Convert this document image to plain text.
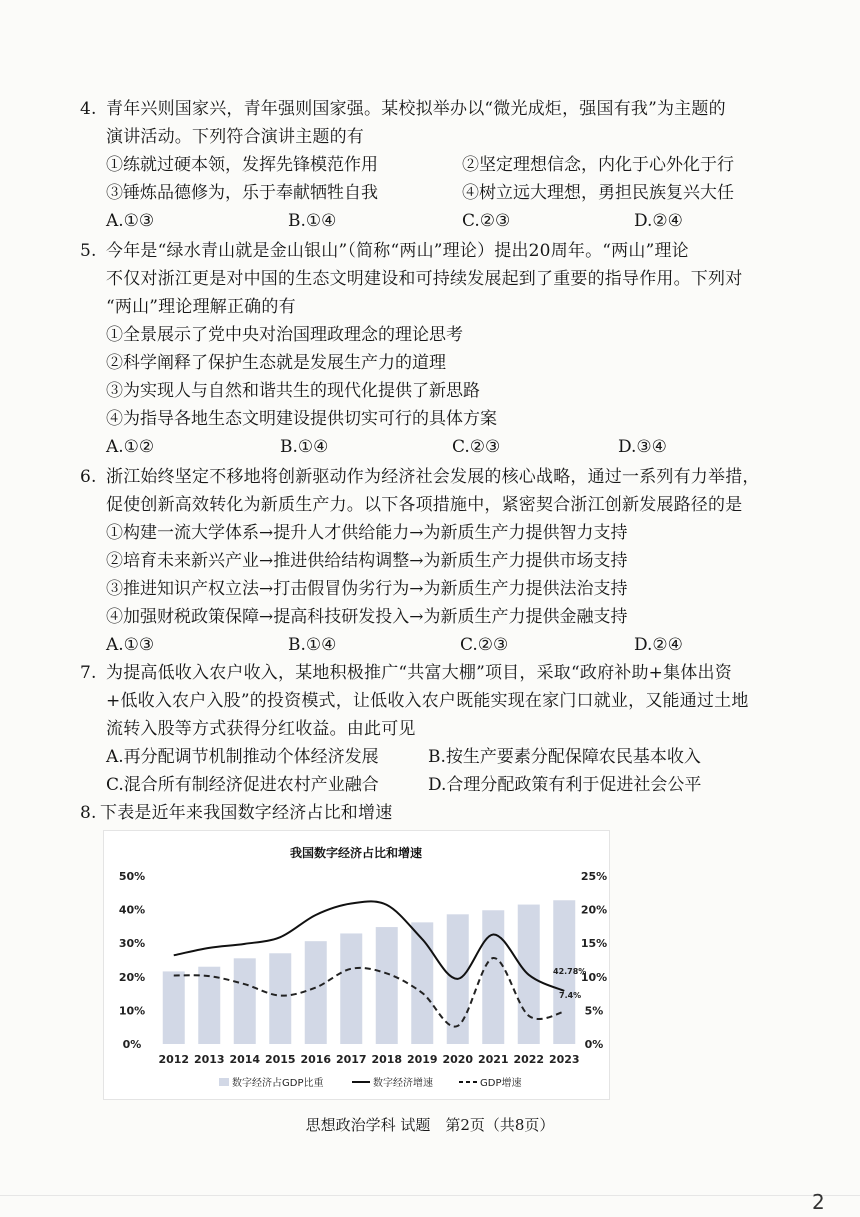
4. 青年兴则国家兴，青年强则国家强。某校拟举办以“微光成炬，强国有我”为主题的
演讲活动。下列符合演讲主题的有
①练就过硬本领，发挥先锋模范作用	②坚定理想信念，内化于心外化于行
③锤炼品德修为，乐于奉献牺牲自我	④树立远大理想，勇担民族复兴大任
A.①③	B.①④	C.②③	D.②④
5. 今年是“绿水青山就是金山银山”（简称“两山”理论）提出20周年。“两山”理论
不仅对浙江更是对中国的生态文明建设和可持续发展起到了重要的指导作用。下列对
“两山”理论理解正确的有
①全景展示了党中央对治国理政理念的理论思考
②科学阐释了保护生态就是发展生产力的道理
③为实现人与自然和谐共生的现代化提供了新思路
④为指导各地生态文明建设提供切实可行的具体方案
A.①②	B.①④	C.②③	D.③④
6. 浙江始终坚定不移地将创新驱动作为经济社会发展的核心战略，通过一系列有力举措，
促使创新高效转化为新质生产力。以下各项措施中，紧密契合浙江创新发展路径的是
①构建一流大学体系→提升人才供给能力→为新质生产力提供智力支持
②培育未来新兴产业→推进供给结构调整→为新质生产力提供市场支持
③推进知识产权立法→打击假冒伪劣行为→为新质生产力提供法治支持
④加强财税政策保障→提高科技研发投入→为新质生产力提供金融支持
A.①③	B.①④	C.②③	D.②④
7. 为提高低收入农户收入，某地积极推广“共富大棚”项目，采取“政府补助+集体出资
+低收入农户入股”的投资模式，让低收入农户既能实现在家门口就业，又能通过土地
流转入股等方式获得分红收益。由此可见
A.再分配调节机制推动个体经济发展	B.按生产要素分配保障农民基本收入
C.混合所有制经济促进农村产业融合	D.合理分配政策有利于促进社会公平
8. 下表是近年来我国数字经济占比和增速
我国数字经济占比和增速
50%
40%
30%
20%
10%
0%
25%
20%
15%
10%
5%
0%
2012 2013 2014 2015 2016 2017 2018 2019 2020 2021 2022 2023
42.78%
7.4%
数字经济占GDP比重	数字经济增速	GDP增速
思想政治学科 试题　第2页（共8页）
2
